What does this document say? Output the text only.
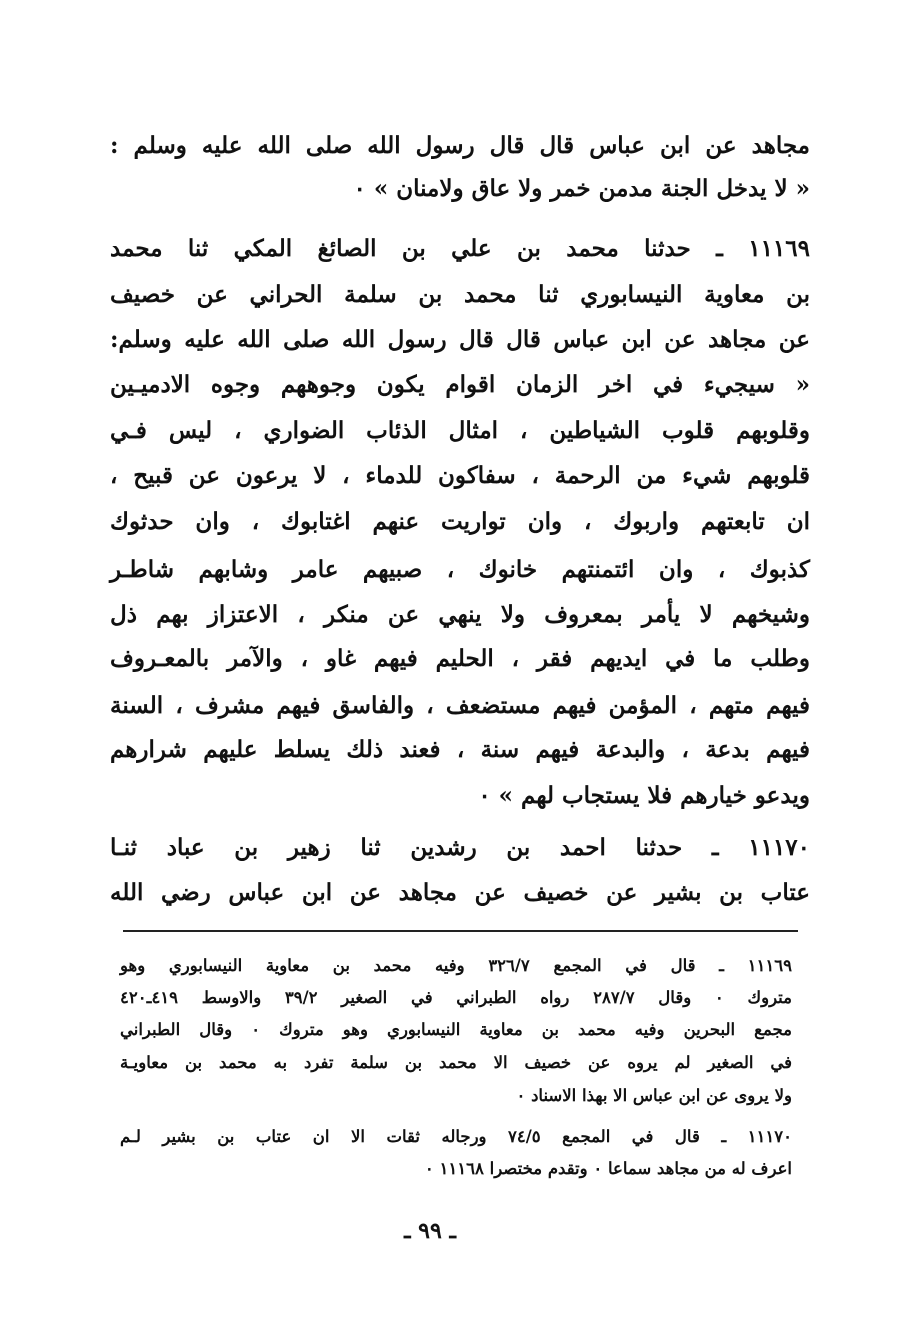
مجاهد عن ابن عباس قال قال رسول الله صلى الله عليه وسلم :
« لا يدخل الجنة مدمن خمر ولا عاق ولامنان » ٠
١١١٦٩ ـ حدثنا محمد بن علي بن الصائغ المكي ثنا محمد
بن معاوية النيسابوري ثنا محمد بن سلمة الحراني عن خصيف
عن مجاهد عن ابن عباس قال قال رسول الله صلى الله عليه وسلم:
« سيجيء في اخر الزمان اقوام يكون وجوههم وجوه الادميـين
وقلوبهم قلوب الشياطين ، امثال الذئاب الضواري ، ليس فـي
قلوبهم شيء من الرحمة ، سفاكون للدماء ، لا يرعون عن قبيح ،
ان تابعتهم واربوك ، وان تواريت عنهم اغتابوك ، وان حدثوك
كذبوك ، وان ائتمنتهم خانوك ، صبيهم عامر وشابهم شاطـر
وشيخهم لا يأمر بمعروف ولا ينهي عن منكر ، الاعتزاز بهم ذل
وطلب ما في ايديهم فقر ، الحليم فيهم غاو ، والآمر بالمعـروف
فيهم متهم ، المؤمن فيهم مستضعف ، والفاسق فيهم مشرف ، السنة
فيهم بدعة ، والبدعة فيهم سنة ، فعند ذلك يسلط عليهم شرارهم
ويدعو خيارهم فلا يستجاب لهم » ٠
١١١٧٠ ـ حدثنا احمد بن رشدين ثنا زهير بن عباد ثنـا
عتاب بن بشير عن خصيف عن مجاهد عن ابن عباس رضي الله
١١١٦٩ ـ قال في المجمع ٣٢٦/٧ وفيه محمد بن معاوية النيسابوري وهو
متروك ٠ وقال ٢٨٧/٧ رواه الطبراني في الصغير ٣٩/٢ والاوسط ٤١٩ـ٤٢٠
مجمع البحرين وفيه محمد بن معاوية النيسابوري وهو متروك ٠ وقال الطبراني
في الصغير لم يروه عن خصيف الا محمد بن سلمة تفرد به محمد بن معاويـة
ولا يروى عن ابن عباس الا بهذا الاسناد ٠
١١١٧٠ ـ قال في المجمع ٧٤/٥ ورجاله ثقات الا ان عتاب بن بشير لـم
اعرف له من مجاهد سماعا ٠ وتقدم مختصرا ١١١٦٨ ٠
ـ ٩٩ ـ
